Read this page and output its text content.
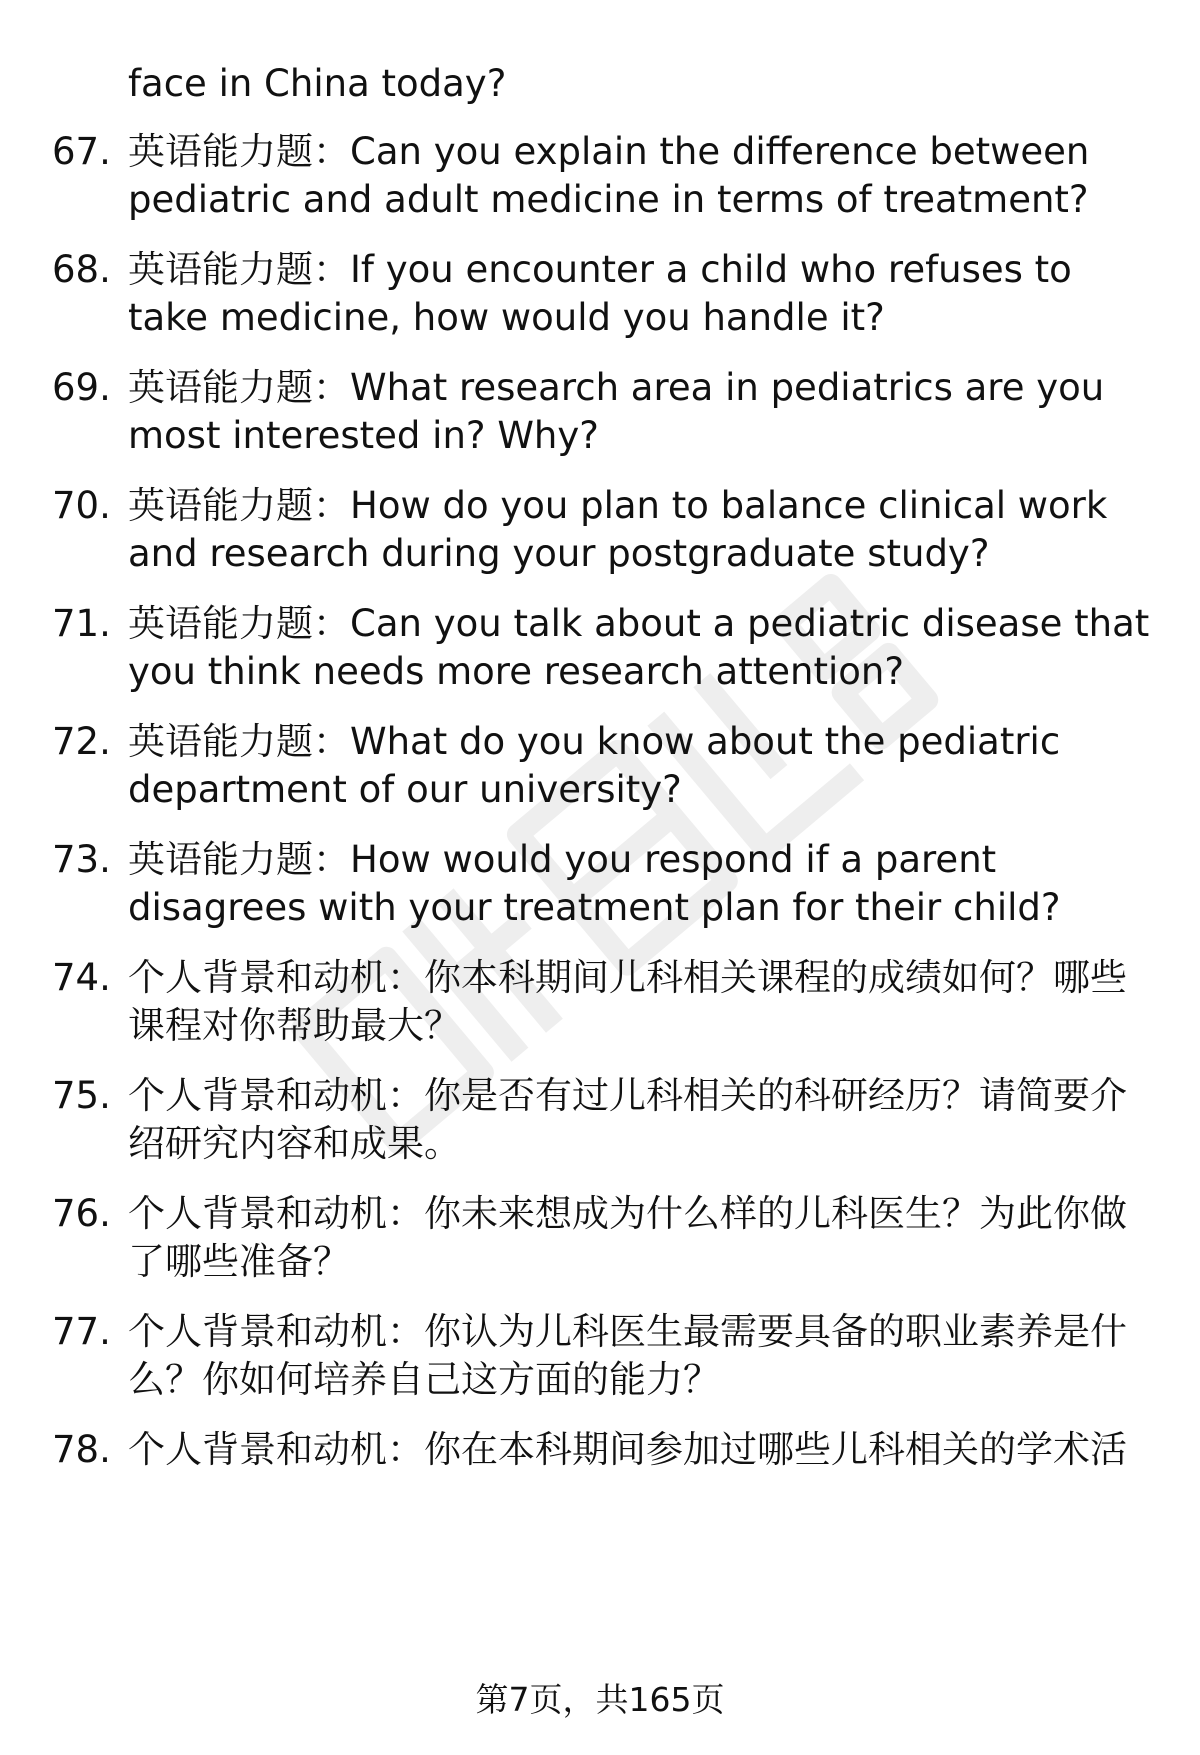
face in China today?

67. 英语能力题：Can you explain the difference between pediatric and adult medicine in terms of treatment?

68. 英语能力题：If you encounter a child who refuses to take medicine, how would you handle it?

69. 英语能力题：What research area in pediatrics are you most interested in? Why?

70. 英语能力题：How do you plan to balance clinical work and research during your postgraduate study?

71. 英语能力题：Can you talk about a pediatric disease that you think needs more research attention?

72. 英语能力题：What do you know about the pediatric department of our university?

73. 英语能力题：How would you respond if a parent disagrees with your treatment plan for their child?

74. 个人背景和动机：你本科期间儿科相关课程的成绩如何？哪些课程对你帮助最大？

75. 个人背景和动机：你是否有过儿科相关的科研经历？请简要介绍研究内容和成果。

76. 个人背景和动机：你未来想成为什么样的儿科医生？为此你做了哪些准备？

77. 个人背景和动机：你认为儿科医生最需要具备的职业素养是什么？你如何培养自己这方面的能力？

78. 个人背景和动机：你在本科期间参加过哪些儿科相关的学术活

第7页，共165页
